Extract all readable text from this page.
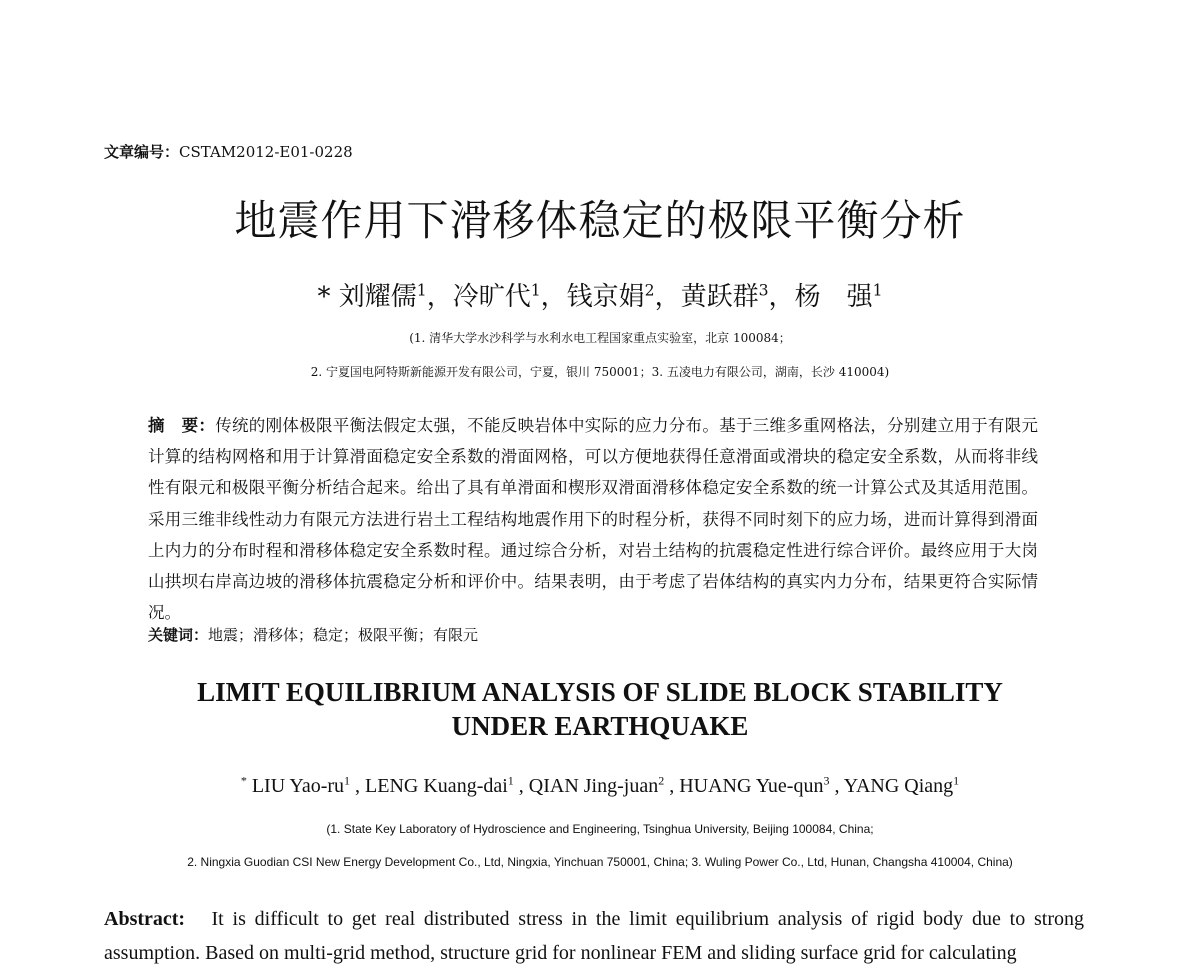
文章编号：CSTAM2012-E01-0228
地震作用下滑移体稳定的极限平衡分析
* 刘耀儒$^1$，冷旷代$^1$，钱京娟$^2$，黄跃群$^3$，杨　强$^1$
(1. 清华大学水沙科学与水利水电工程国家重点实验室，北京 100084；
2. 宁夏国电阿特斯新能源开发有限公司，宁夏，银川 750001；3. 五凌电力有限公司，湖南，长沙 410004)
摘　要：传统的刚体极限平衡法假定太强，不能反映岩体中实际的应力分布。基于三维多重网格法，分别建立用于有限元计算的结构网格和用于计算滑面稳定安全系数的滑面网格，可以方便地获得任意滑面或滑块的稳定安全系数，从而将非线性有限元和极限平衡分析结合起来。给出了具有单滑面和楔形双滑面滑移体稳定安全系数的统一计算公式及其适用范围。采用三维非线性动力有限元方法进行岩土工程结构地震作用下的时程分析，获得不同时刻下的应力场，进而计算得到滑面上内力的分布时程和滑移体稳定安全系数时程。通过综合分析，对岩土结构的抗震稳定性进行综合评价。最终应用于大岗山拱坝右岸高边坡的滑移体抗震稳定分析和评价中。结果表明，由于考虑了岩体结构的真实内力分布，结果更符合实际情况。
关键词：地震；滑移体；稳定；极限平衡；有限元
LIMIT EQUILIBRIUM ANALYSIS OF SLIDE BLOCK STABILITY
UNDER EARTHQUAKE
* LIU Yao-$ru^1$ , LENG Kuang-dai$^1$ , QIAN Jing-juan$^2$ , HUANG Yue-qun$^3$ , YANG Qiang$^1$
(1. State Key Laboratory of Hydroscience and Engineering, Tsinghua University, Beijing 100084, China;
2. Ningxia Guodian CSI New Energy Development Co., Ltd, Ningxia, Yinchuan 750001, China; 3. Wuling Power Co., Ltd, Hunan, Changsha 410004, China)
Abstract: It is difficult to get real distributed stress in the limit equilibrium analysis of rigid body due to strong assumption. Based on multi-grid method, structure grid for nonlinear FEM and sliding surface grid for calculating
